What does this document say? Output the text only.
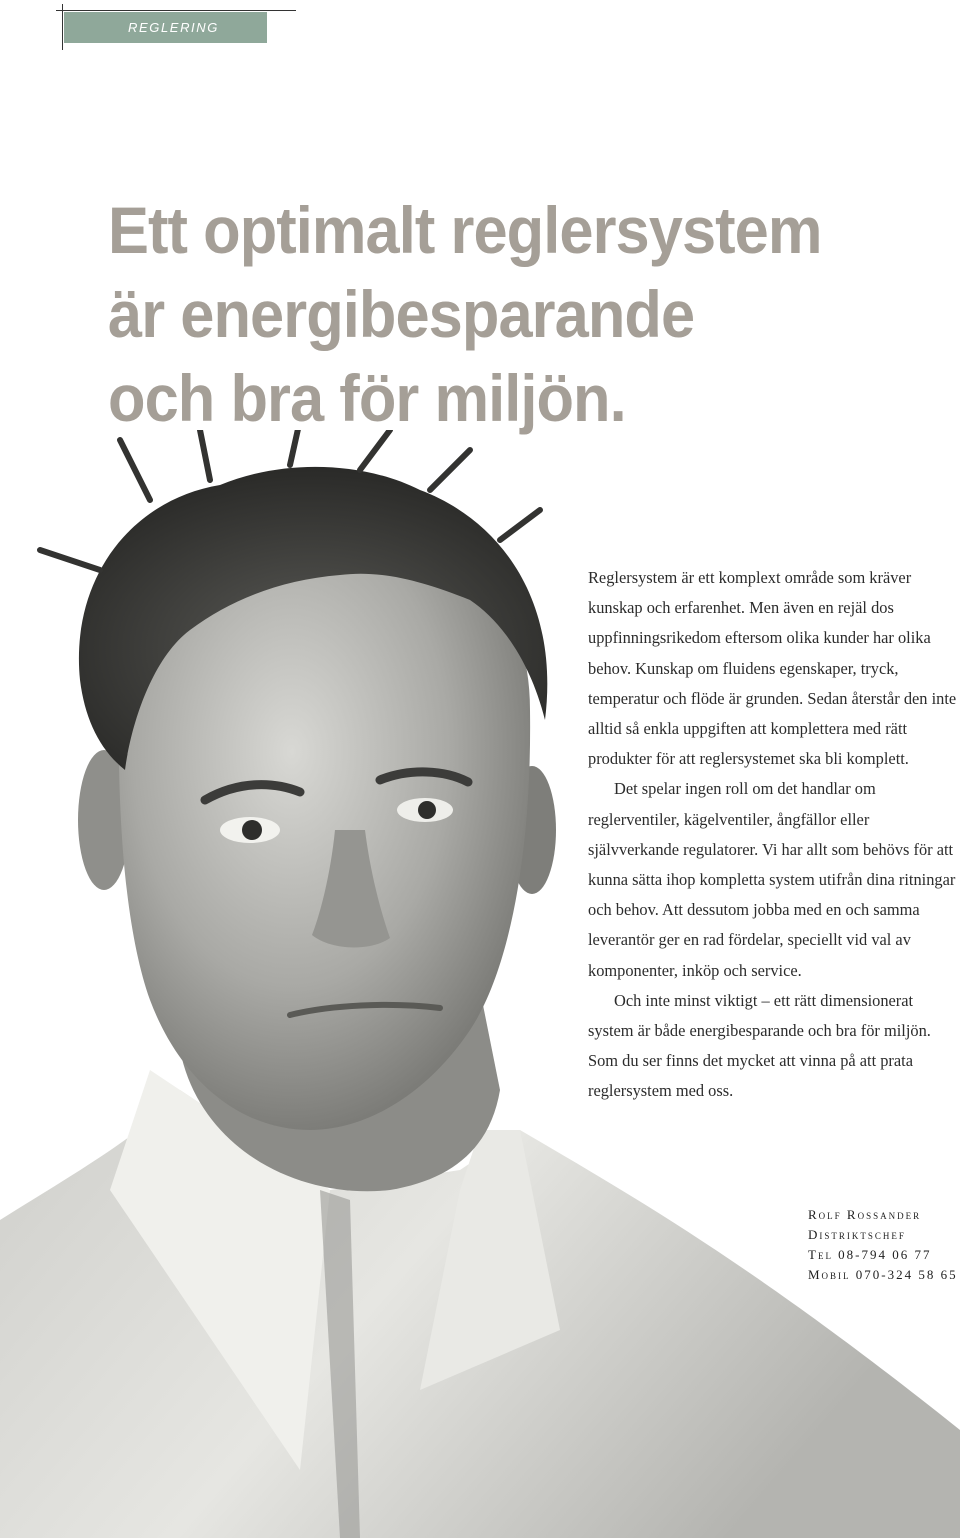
REGLERING
Ett optimalt reglersystem
är energibesparande
och bra för miljön.

Reglersystem är ett komplext område som kräver kunskap och erfarenhet. Men även en rejäl dos uppfinningsrikedom eftersom olika kunder har olika behov. Kunskap om fluidens egenskaper, tryck, temperatur och flöde är grunden. Sedan återstår den inte alltid så enkla uppgiften att komplettera med rätt produkter för att reglersystemet ska bli komplett.

Det spelar ingen roll om det handlar om reglerventiler, kägelventiler, ångfällor eller självverkande regulatorer. Vi har allt som behövs för att kunna sätta ihop kompletta system utifrån dina ritningar och behov. Att dessutom jobba med en och samma leverantör ger en rad fördelar, speciellt vid val av komponenter, inköp och service.

Och inte minst viktigt – ett rätt dimensionerat system är både energibesparande och bra för miljön. Som du ser finns det mycket att vinna på att prata reglersystem med oss.

Rolf Rossander
Distriktschef
Tel 08-794 06 77
Mobil 070-324 58 65
